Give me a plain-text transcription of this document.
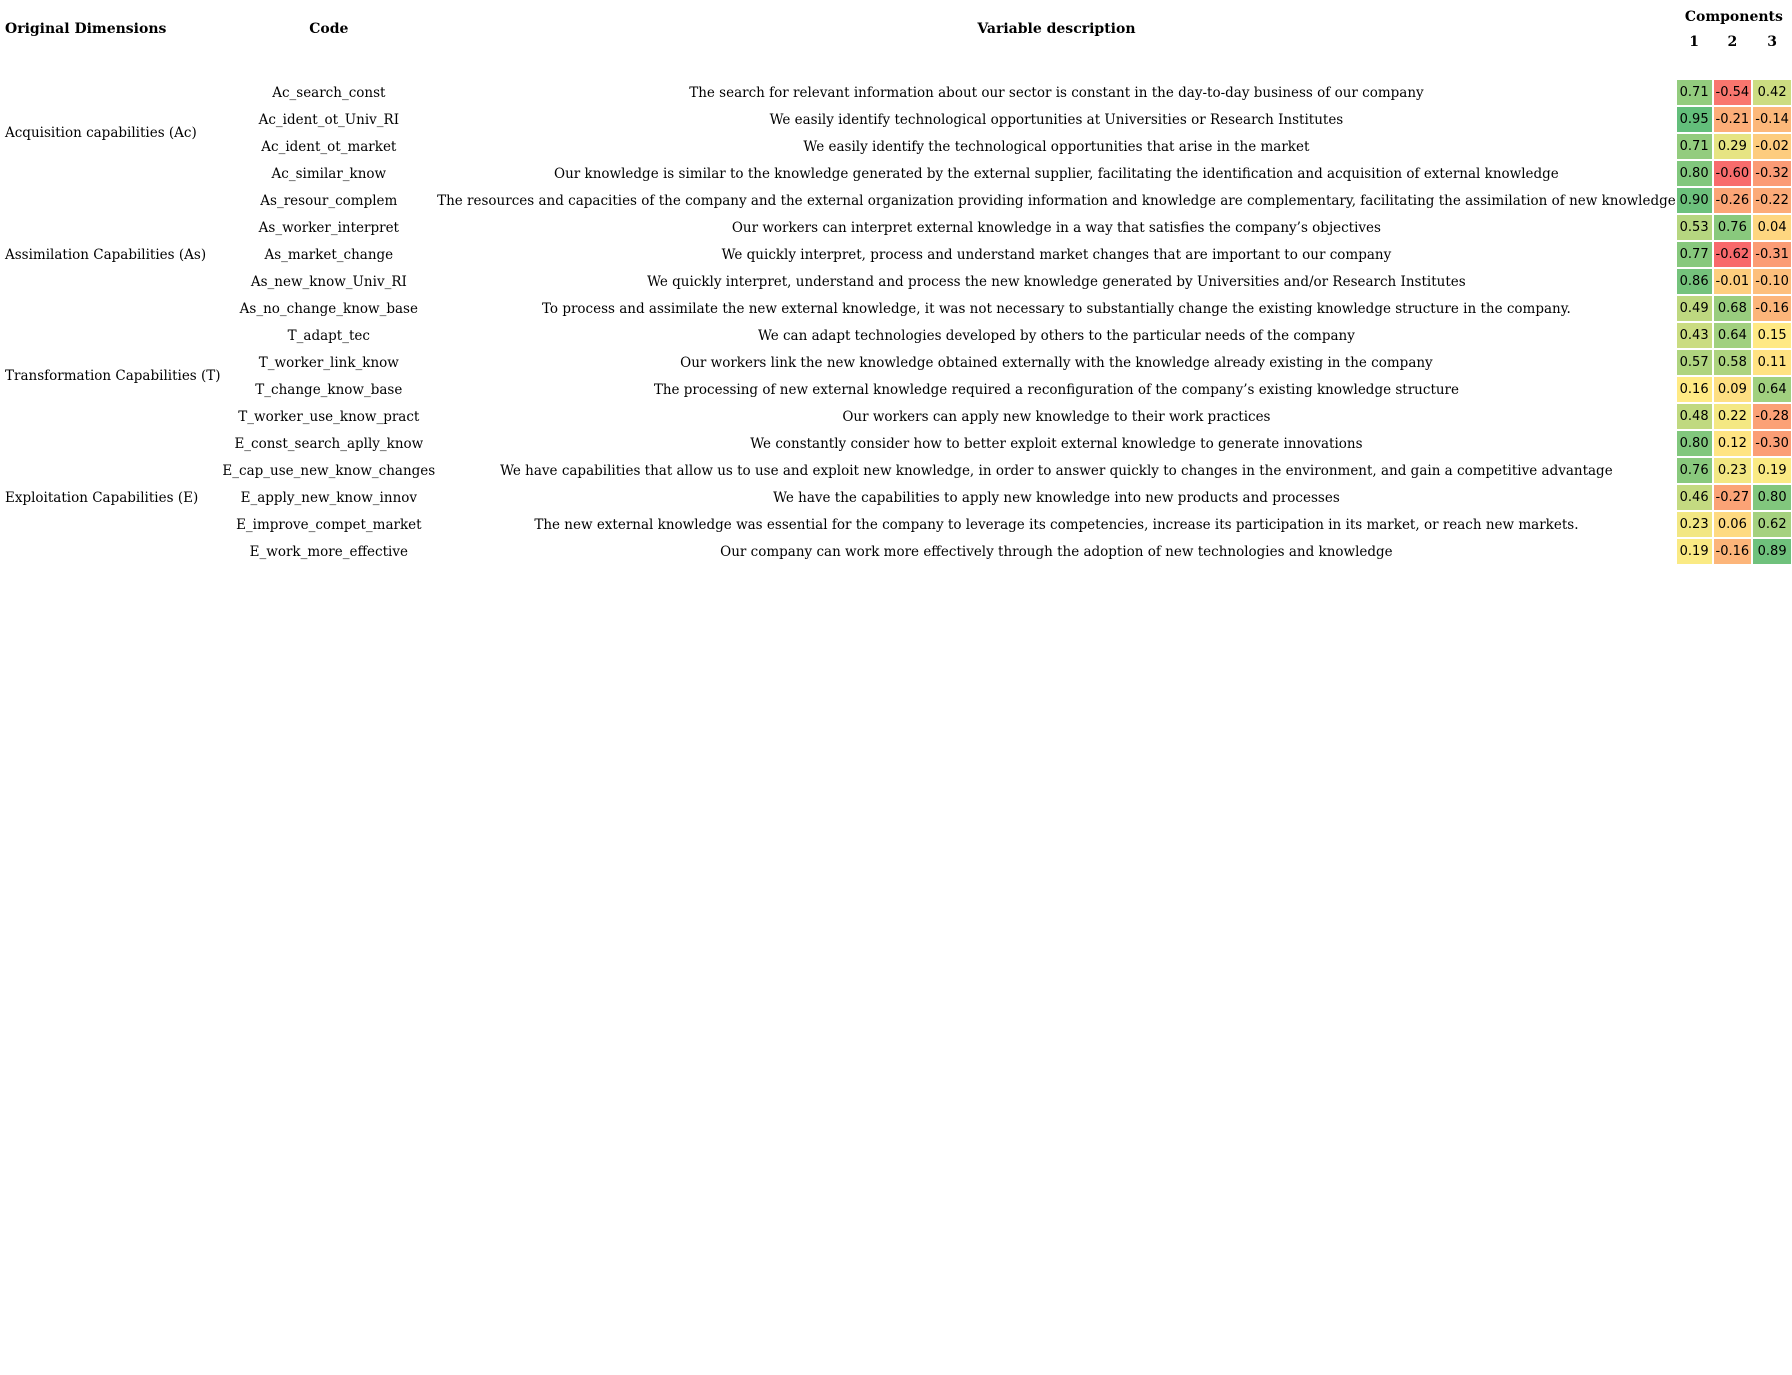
Original Dimensions	Code	Variable description	Components		
			1	2	3

Acquisition capabilities (Ac)	Ac_search_const	The search for relevant information about our sector is constant in the day-to-day business of our company	0.71	-0.54	0.42
	Ac_ident_ot_Univ_RI	We easily identify technological opportunities at Universities or Research Institutes	0.95	-0.21	-0.14
	Ac_ident_ot_market	We easily identify the technological opportunities that arise in the market	0.71	0.29	-0.02
	Ac_similar_know	Our knowledge is similar to the knowledge generated by the external supplier, facilitating the identification and acquisition of external knowledge	0.80	-0.60	-0.32
Assimilation Capabilities (As)	As_resour_complem	The resources and capacities of the company and the external organization providing information and knowledge are complementary, facilitating the assimilation of new knowledge	0.90	-0.26	-0.22
	As_worker_interpret	Our workers can interpret external knowledge in a way that satisfies the company’s objectives	0.53	0.76	0.04
	As_market_change	We quickly interpret, process and understand market changes that are important to our company	0.77	-0.62	-0.31
	As_new_know_Univ_RI	We quickly interpret, understand and process the new knowledge generated by Universities and/or Research Institutes	0.86	-0.01	-0.10
	As_no_change_know_base	To process and assimilate the new external knowledge, it was not necessary to substantially change the existing knowledge structure in the company.	0.49	0.68	-0.16
Transformation Capabilities (T)	T_adapt_tec	We can adapt technologies developed by others to the particular needs of the company	0.43	0.64	0.15
	T_worker_link_know	Our workers link the new knowledge obtained externally with the knowledge already existing in the company	0.57	0.58	0.11
	T_change_know_base	The processing of new external knowledge required a reconfiguration of the company’s existing knowledge structure	0.16	0.09	0.64
	T_worker_use_know_pract	Our workers can apply new knowledge to their work practices	0.48	0.22	-0.28
Exploitation Capabilities (E)	E_const_search_aplly_know	We constantly consider how to better exploit external knowledge to generate innovations	0.80	0.12	-0.30
	E_cap_use_new_know_changes	We have capabilities that allow us to use and exploit new knowledge, in order to answer quickly to changes in the environment, and gain a competitive advantage	0.76	0.23	0.19
	E_apply_new_know_innov	We have the capabilities to apply new knowledge into new products and processes	0.46	-0.27	0.80
	E_improve_compet_market	The new external knowledge was essential for the company to leverage its competencies, increase its participation in its market, or reach new markets.	0.23	0.06	0.62
	E_work_more_effective	Our company can work more effectively through the adoption of new technologies and knowledge	0.19	-0.16	0.89
